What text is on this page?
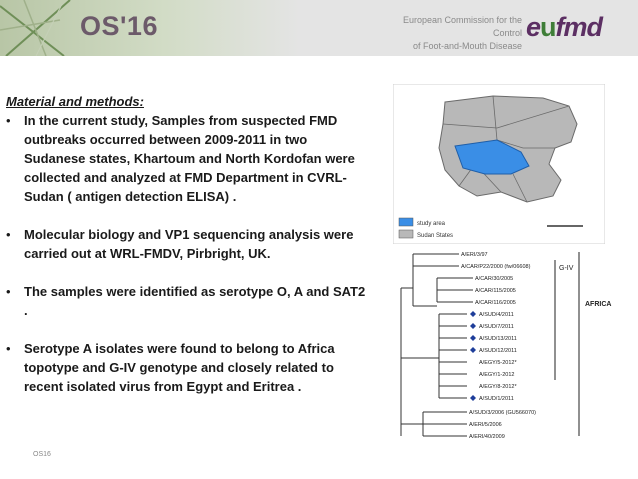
OS'16	European Commission for the Control
of Foot-and-Mouth Disease
eufmd

Material and methods:

•	In the current study, Samples from suspected FMD outbreaks occurred between 2009-2011 in two Sudanese states, Khartoum and North Kordofan were collected and analyzed at FMD Department in CVRL-Sudan ( antigen detection ELISA) .

•	Molecular biology and VP1 sequencing analysis were carried out at WRL-FMDV, Pirbright, UK.

•	The samples were identified as serotype O, A and SAT2 .

•	Serotype A isolates were found to belong to Africa topotype and G-IV genotype and closely related to recent isolated virus from Egypt and Eritrea .

study area
Sudan States
A/ERI/3/97
A/CAR/P22/2000 (fw/06608)
A/CAR/30/2005
A/CAR/115/2005
A/CAR/116/2005
A/SUD/4/2011
A/SUD/7/2011
A/SUD/13/2011
A/SUD/12/2011
A/EGY/5-2012*
A/EGY/1-2012
A/EGY/8-2012*
A/SUD/1/2011
A/SUD/3/2006 (GU566070)
A/ERI/5/2006
A/ERI/40/2009
G-IV
AFRICA
OS16
